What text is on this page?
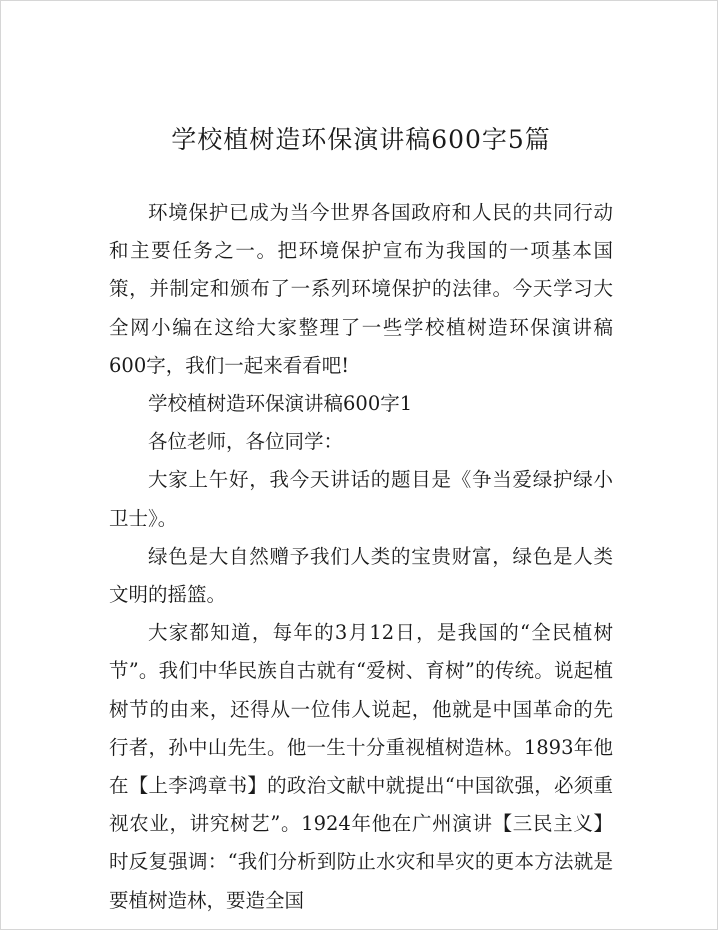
学校植树造环保演讲稿600字5篇

环境保护已成为当今世界各国政府和人民的共同行动和主要任务之一。把环境保护宣布为我国的一项基本国策，并制定和颁布了一系列环境保护的法律。今天学习大全网小编在这给大家整理了一些学校植树造环保演讲稿600字，我们一起来看看吧!

学校植树造环保演讲稿600字1

各位老师，各位同学：

大家上午好，我今天讲话的题目是《争当爱绿护绿小卫士》。

绿色是大自然赠予我们人类的宝贵财富，绿色是人类文明的摇篮。

大家都知道，每年的3月12日，是我国的“全民植树节”。我们中华民族自古就有“爱树、育树”的传统。说起植树节的由来，还得从一位伟人说起，他就是中国革命的先行者，孙中山先生。他一生十分重视植树造林。1893年他在【上李鸿章书】的政治文献中就提出“中国欲强，必须重视农业，讲究树艺”。1924年他在广州演讲【三民主义】时反复强调：“我们分析到防止水灾和旱灾的更本方法就是要植树造林，要造全国
